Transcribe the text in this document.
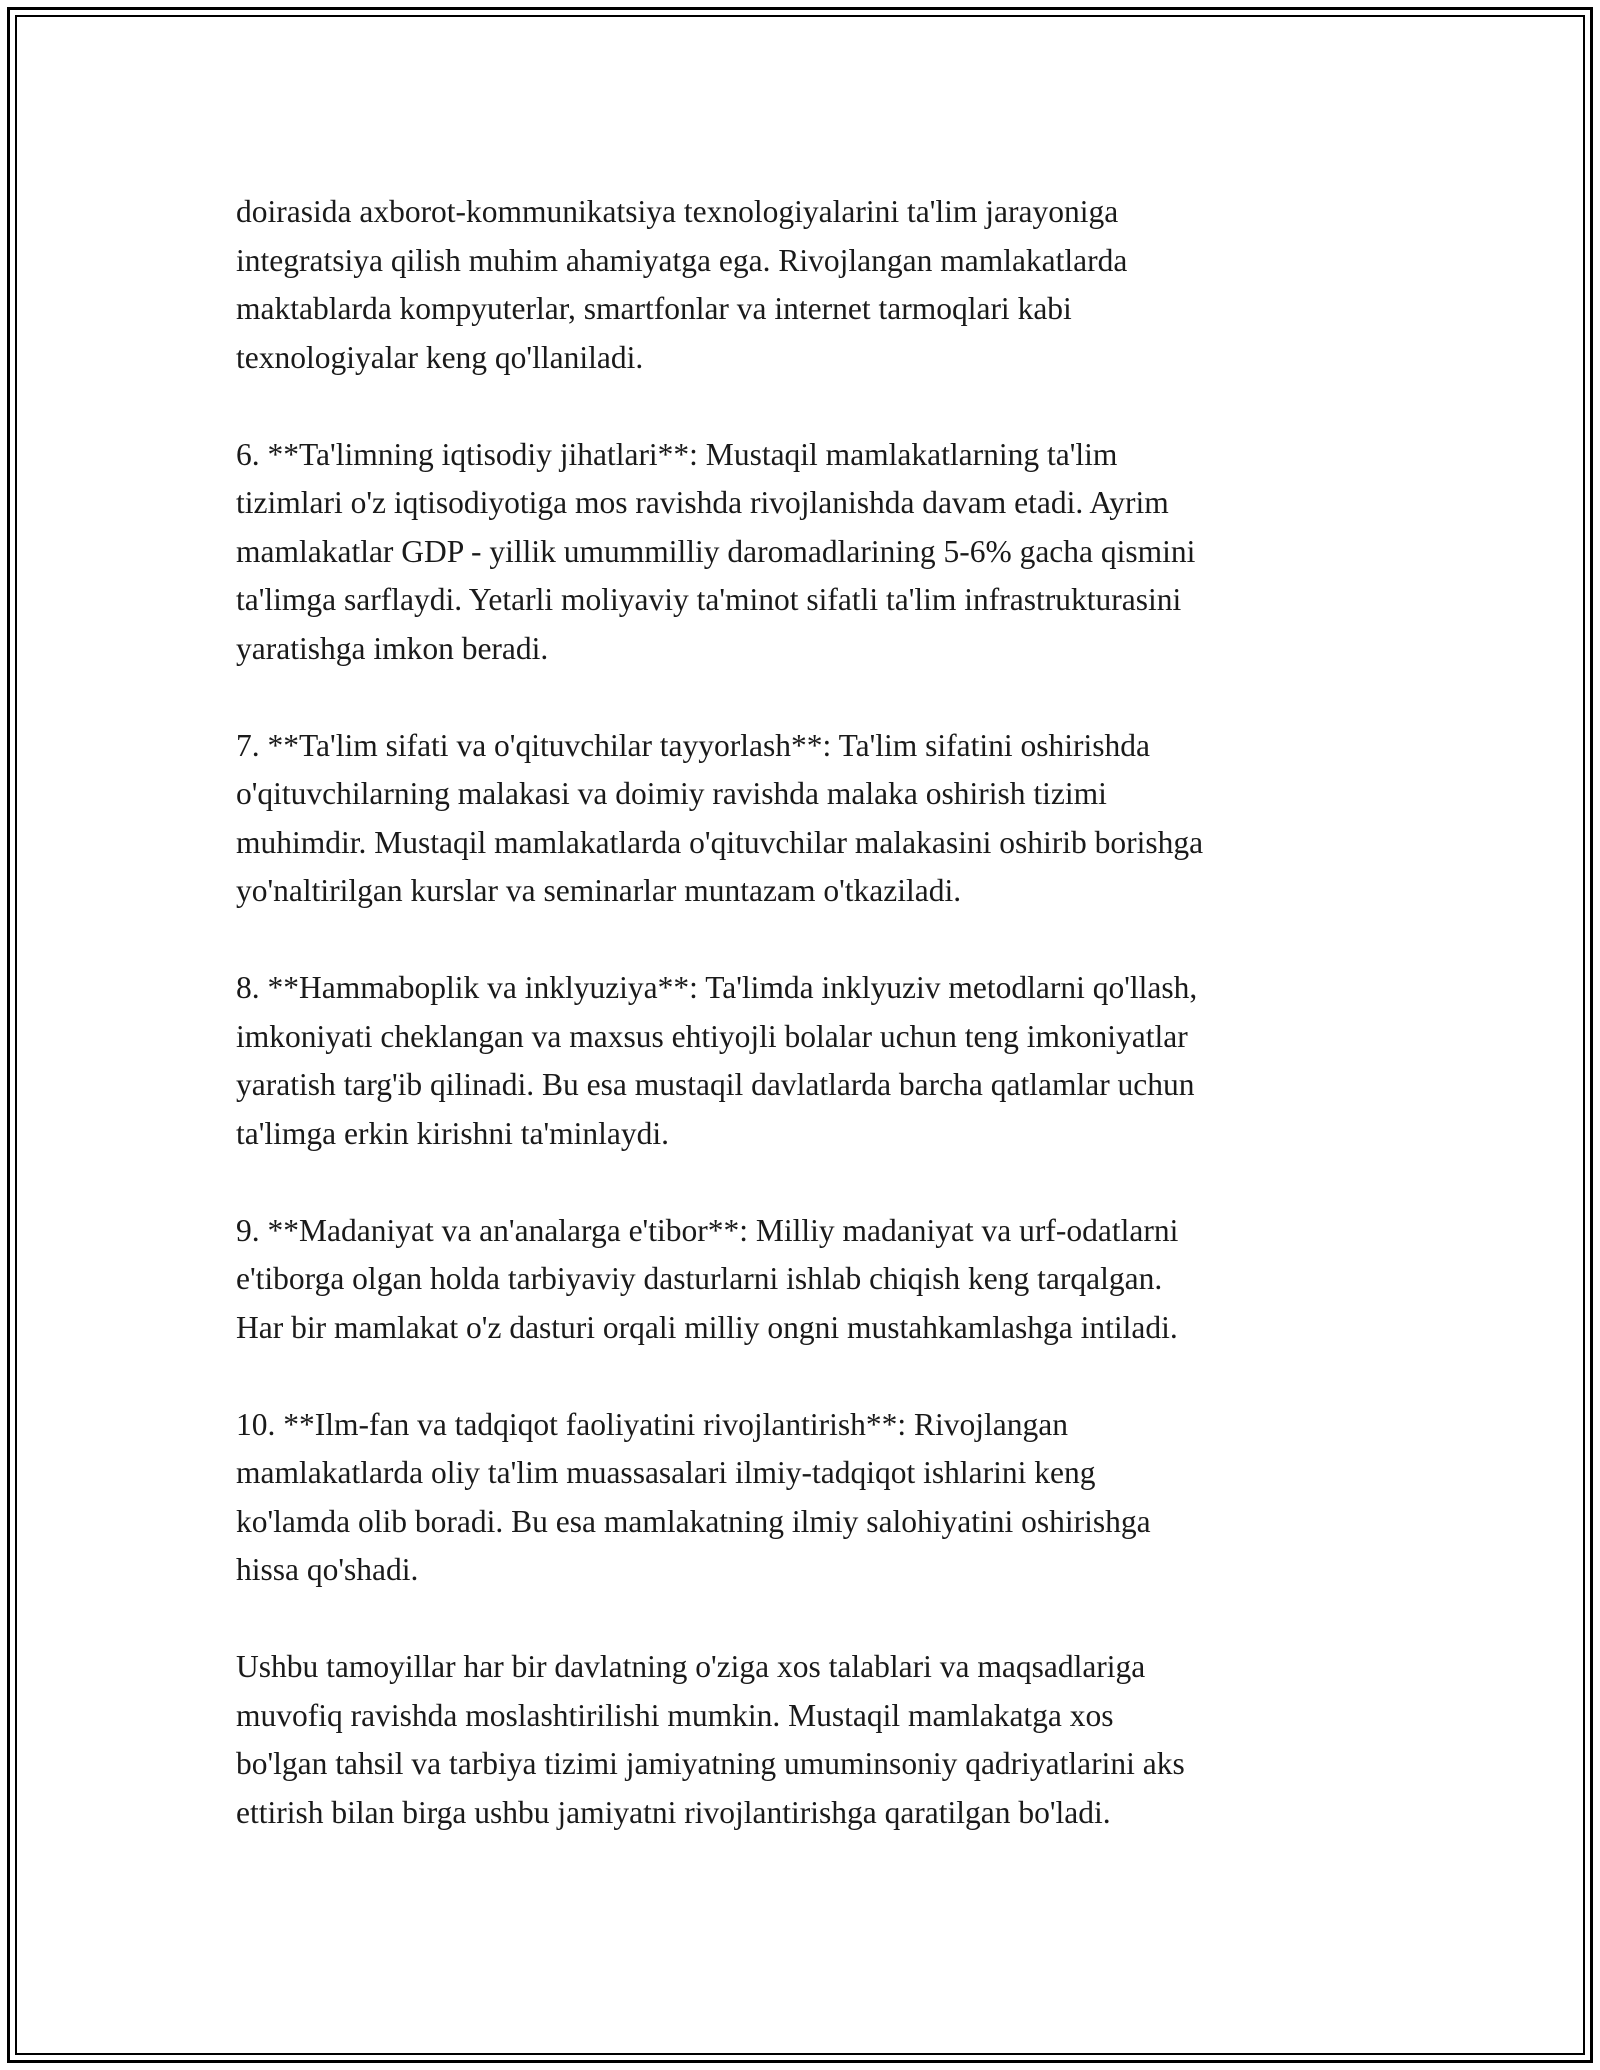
doirasida axborot-kommunikatsiya texnologiyalarini ta'lim jarayoniga
integratsiya qilish muhim ahamiyatga ega. Rivojlangan mamlakatlarda
maktablarda kompyuterlar, smartfonlar va internet tarmoqlari kabi
texnologiyalar keng qo'llaniladi.

6. **Ta'limning iqtisodiy jihatlari**: Mustaqil mamlakatlarning ta'lim
tizimlari o'z iqtisodiyotiga mos ravishda rivojlanishda davam etadi. Ayrim
mamlakatlar GDP - yillik umummilliy daromadlarining 5-6% gacha qismini
ta'limga sarflaydi. Yetarli moliyaviy ta'minot sifatli ta'lim infrastrukturasini
yaratishga imkon beradi.

7. **Ta'lim sifati va o'qituvchilar tayyorlash**: Ta'lim sifatini oshirishda
o'qituvchilarning malakasi va doimiy ravishda malaka oshirish tizimi
muhimdir. Mustaqil mamlakatlarda o'qituvchilar malakasini oshirib borishga
yo'naltirilgan kurslar va seminarlar muntazam o'tkaziladi.

8. **Hammaboplik va inklyuziya**: Ta'limda inklyuziv metodlarni qo'llash,
imkoniyati cheklangan va maxsus ehtiyojli bolalar uchun teng imkoniyatlar
yaratish targ'ib qilinadi. Bu esa mustaqil davlatlarda barcha qatlamlar uchun
ta'limga erkin kirishni ta'minlaydi.

9. **Madaniyat va an'analarga e'tibor**: Milliy madaniyat va urf-odatlarni
e'tiborga olgan holda tarbiyaviy dasturlarni ishlab chiqish keng tarqalgan.
Har bir mamlakat o'z dasturi orqali milliy ongni mustahkamlashga intiladi.

10. **Ilm-fan va tadqiqot faoliyatini rivojlantirish**: Rivojlangan
mamlakatlarda oliy ta'lim muassasalari ilmiy-tadqiqot ishlarini keng
ko'lamda olib boradi. Bu esa mamlakatning ilmiy salohiyatini oshirishga
hissa qo'shadi.

Ushbu tamoyillar har bir davlatning o'ziga xos talablari va maqsadlariga
muvofiq ravishda moslashtirilishi mumkin. Mustaqil mamlakatga xos
bo'lgan tahsil va tarbiya tizimi jamiyatning umuminsoniy qadriyatlarini aks
ettirish bilan birga ushbu jamiyatni rivojlantirishga qaratilgan bo'ladi.
